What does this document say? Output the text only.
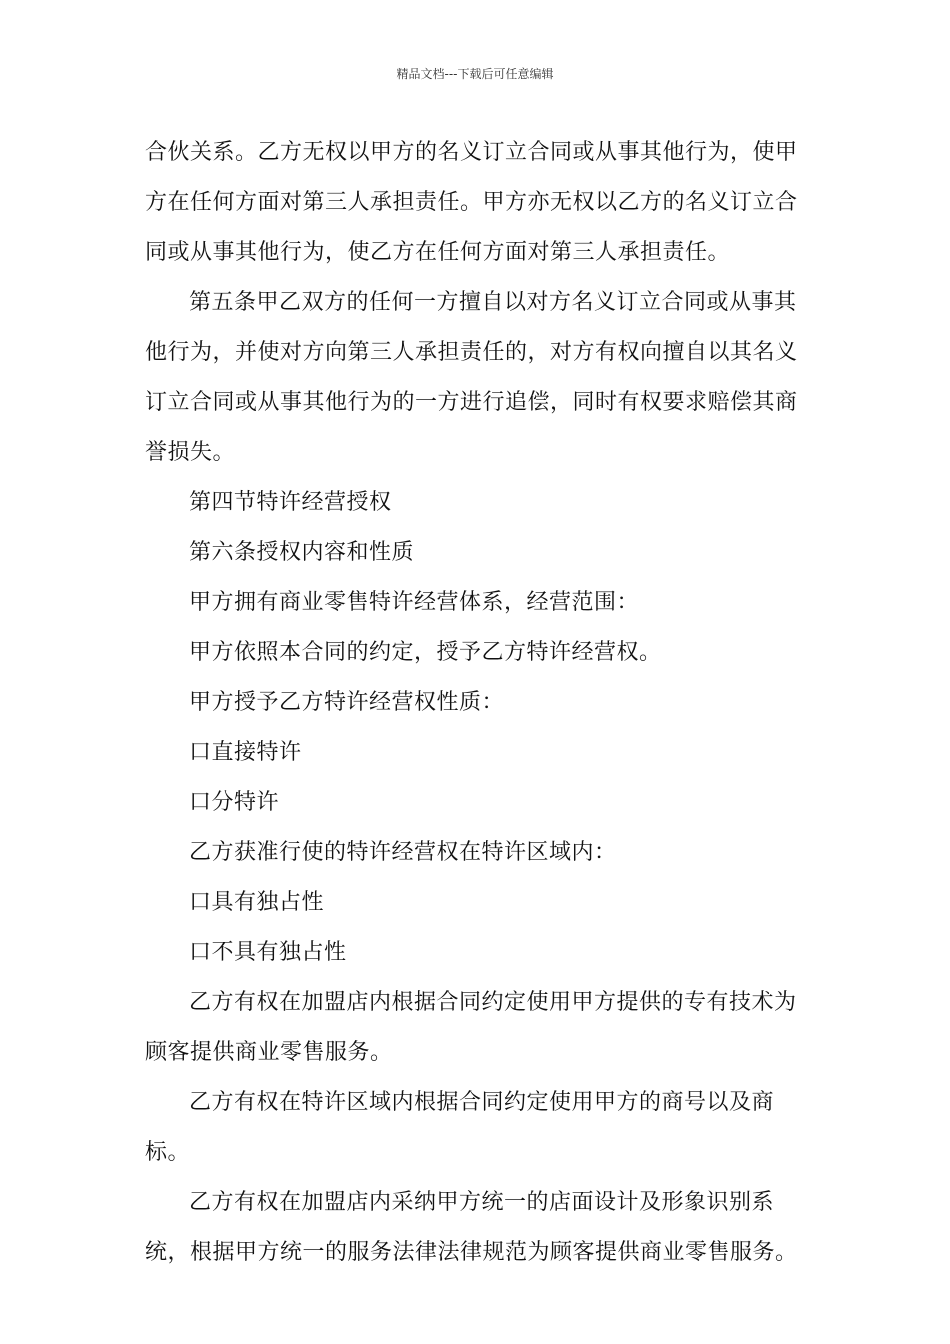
精品文档---下载后可任意编辑

合伙关系。乙方无权以甲方的名义订立合同或从事其他行为，使甲方在任何方面对第三人承担责任。甲方亦无权以乙方的名义订立合同或从事其他行为，使乙方在任何方面对第三人承担责任。

第五条甲乙双方的任何一方擅自以对方名义订立合同或从事其他行为，并使对方向第三人承担责任的，对方有权向擅自以其名义订立合同或从事其他行为的一方进行追偿，同时有权要求赔偿其商誉损失。

第四节特许经营授权

第六条授权内容和性质

甲方拥有商业零售特许经营体系，经营范围：

甲方依照本合同的约定，授予乙方特许经营权。

甲方授予乙方特许经营权性质：

口直接特许

口分特许

乙方获准行使的特许经营权在特许区域内：

口具有独占性

口不具有独占性

乙方有权在加盟店内根据合同约定使用甲方提供的专有技术为顾客提供商业零售服务。

乙方有权在特许区域内根据合同约定使用甲方的商号以及商标。

乙方有权在加盟店内采纳甲方统一的店面设计及形象识别系统，根据甲方统一的服务法律法律规范为顾客提供商业零售服务。
